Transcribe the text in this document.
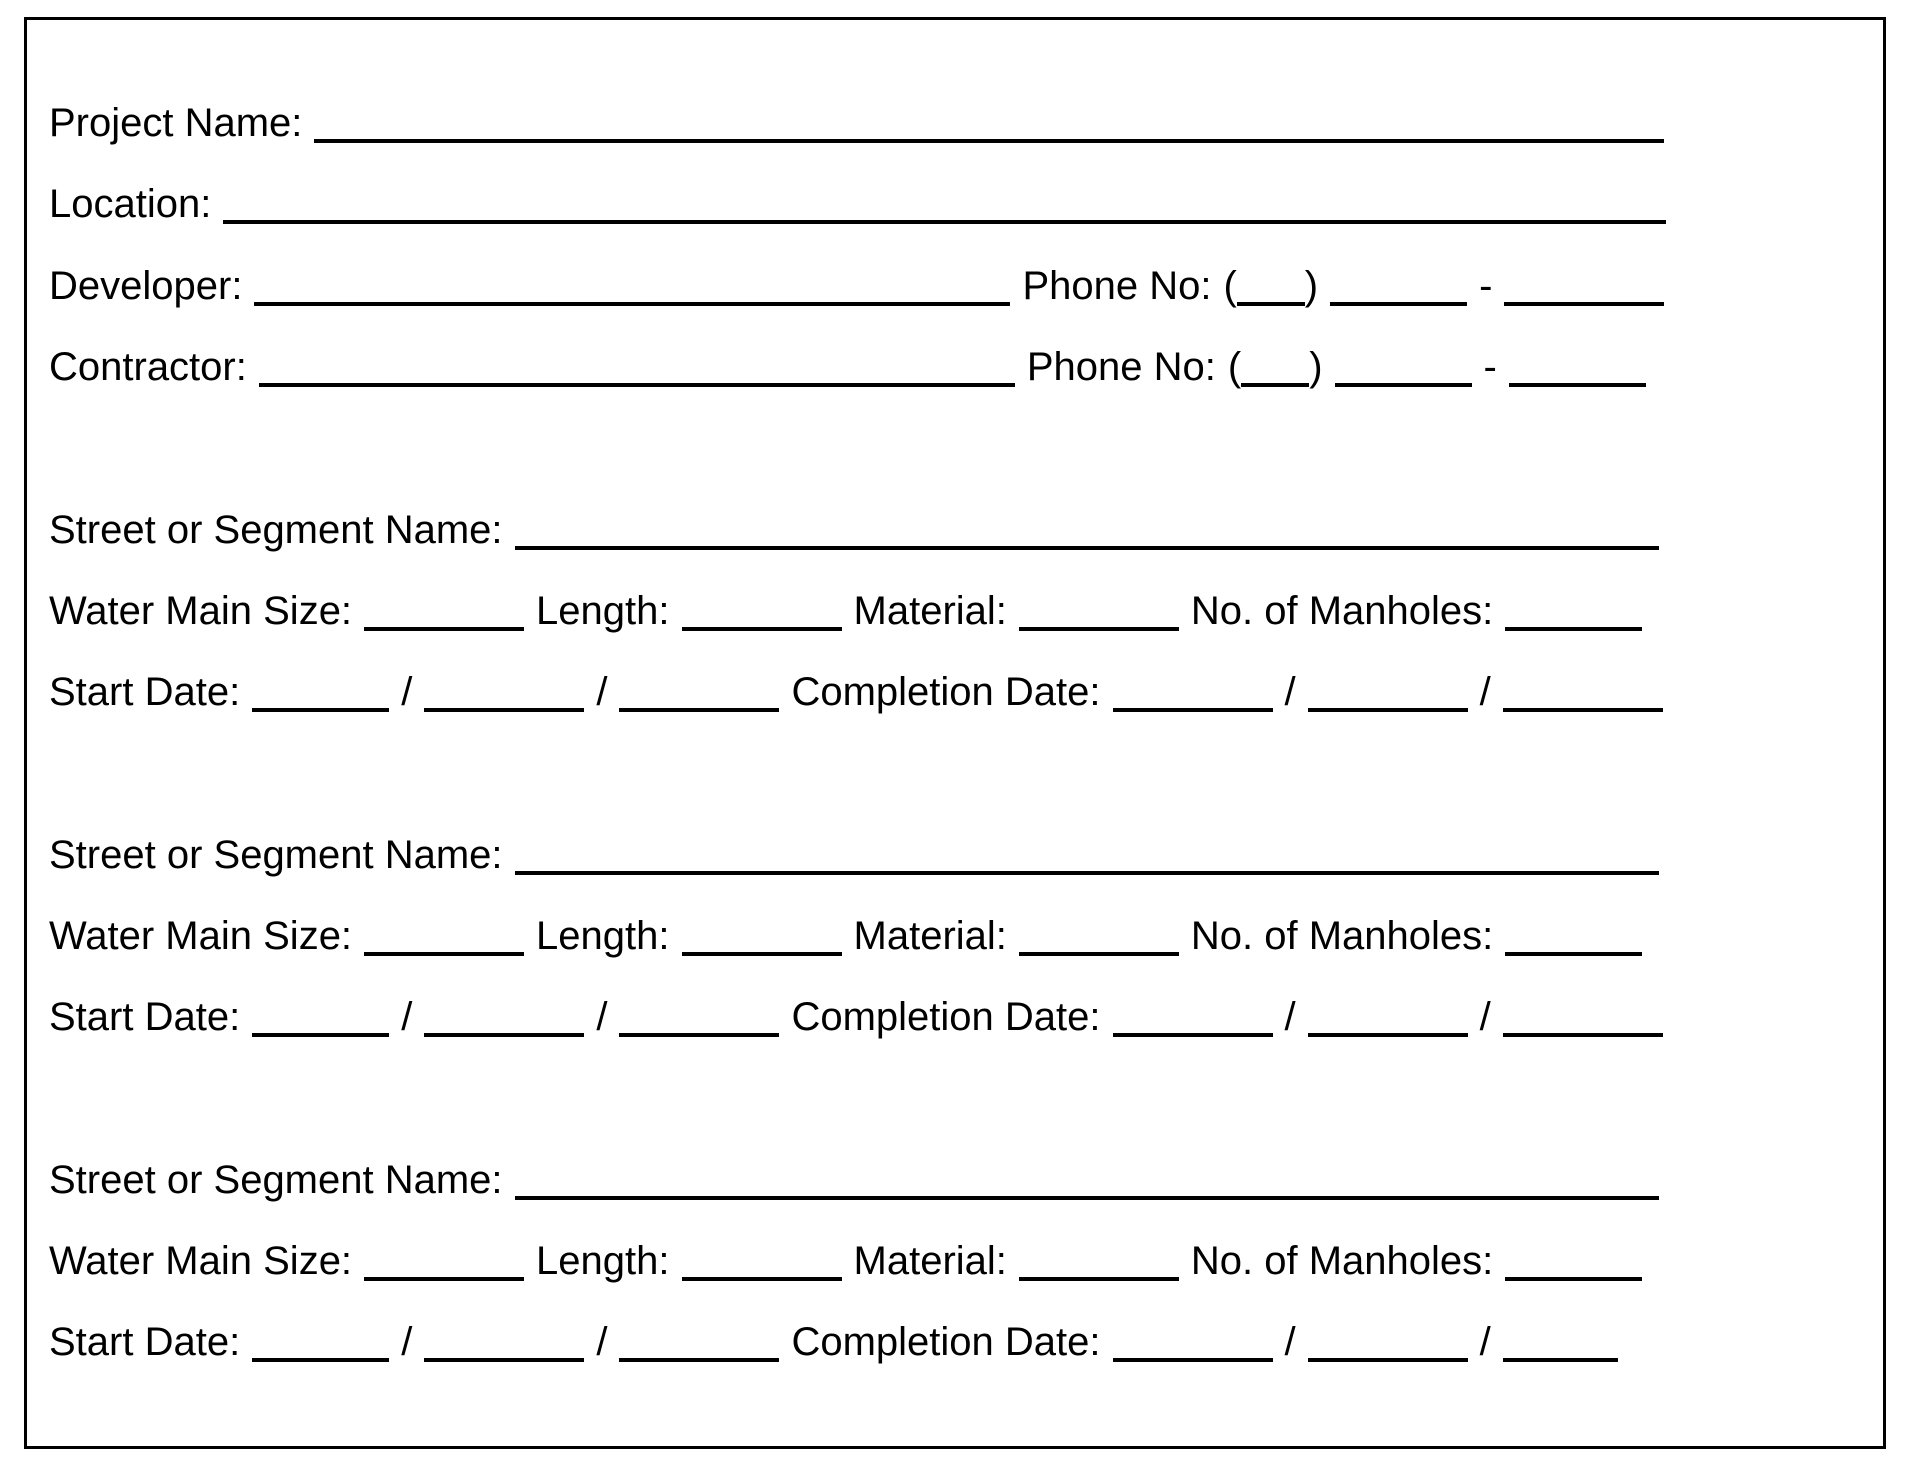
Project Name:
Location:
Developer:	Phone No: ( )	-
Contractor:	Phone No: ( )	-
Street or Segment Name:
Water Main Size:	Length:	Material:	No. of Manholes:
Start Date:	/	/	Completion Date:	/	/
Street or Segment Name:
Water Main Size:	Length:	Material:	No. of Manholes:
Start Date:	/	/	Completion Date:	/	/
Street or Segment Name:
Water Main Size:	Length:	Material:	No. of Manholes:
Start Date:	/	/	Completion Date:	/	/
